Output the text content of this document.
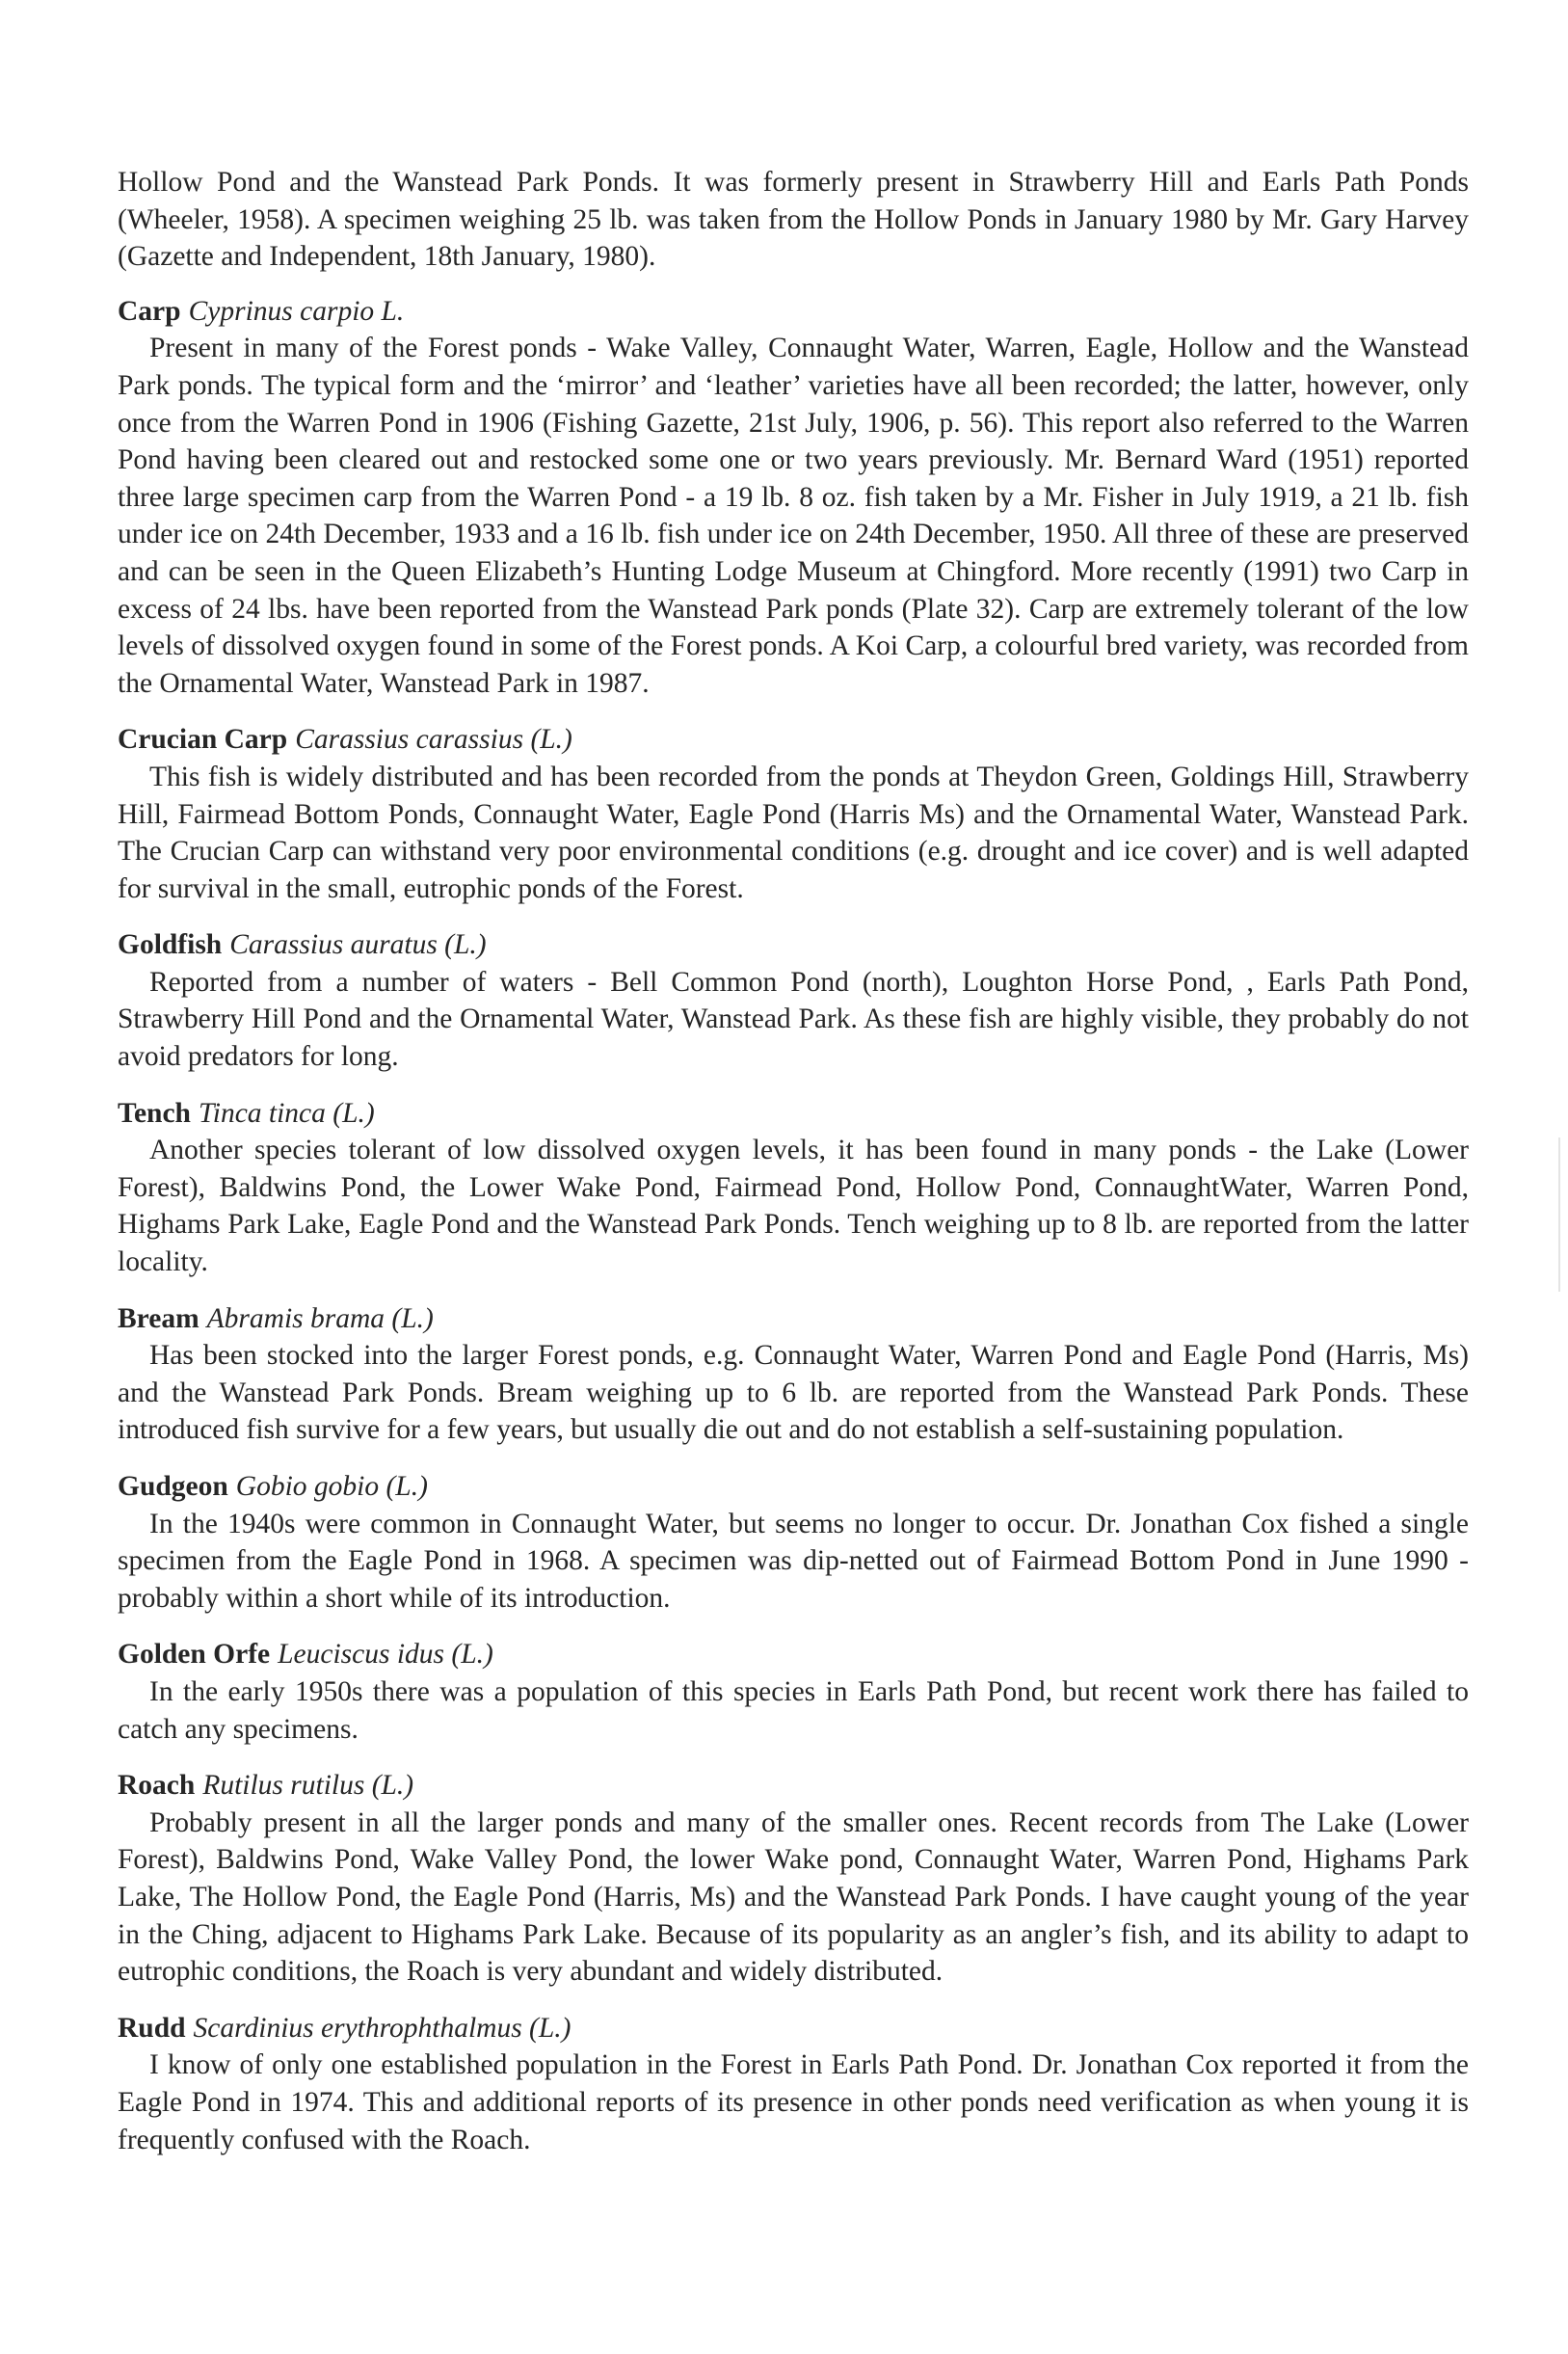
Hollow Pond and the Wanstead Park Ponds. It was formerly present in Strawberry Hill and Earls Path Ponds (Wheeler, 1958). A specimen weighing 25 lb. was taken from the Hollow Ponds in January 1980 by Mr. Gary Harvey (Gazette and Independent, 18th January, 1980).

Carp Cyprinus carpio L.

Present in many of the Forest ponds - Wake Valley, Connaught Water, Warren, Eagle, Hollow and the Wanstead Park ponds. The typical form and the ‘mirror’ and ‘leather’ varieties have all been recorded; the latter, however, only once from the Warren Pond in 1906 (Fishing Gazette, 21st July, 1906, p. 56). This report also referred to the Warren Pond having been cleared out and restocked some one or two years previously. Mr. Bernard Ward (1951) reported three large specimen carp from the Warren Pond - a 19 lb. 8 oz. fish taken by a Mr. Fisher in July 1919, a 21 lb. fish under ice on 24th December, 1933 and a 16 lb. fish under ice on 24th December, 1950. All three of these are preserved and can be seen in the Queen Elizabeth’s Hunting Lodge Museum at Chingford. More recently (1991) two Carp in excess of 24 lbs. have been reported from the Wanstead Park ponds (Plate 32). Carp are extremely tolerant of the low levels of dissolved oxygen found in some of the Forest ponds. A Koi Carp, a colourful bred variety, was recorded from the Ornamental Water, Wanstead Park in 1987.

Crucian Carp Carassius carassius (L.)

This fish is widely distributed and has been recorded from the ponds at Theydon Green, Goldings Hill, Strawberry Hill, Fairmead Bottom Ponds, Connaught Water, Eagle Pond (Harris Ms) and the Ornamental Water, Wanstead Park. The Crucian Carp can withstand very poor environmental conditions (e.g. drought and ice cover) and is well adapted for survival in the small, eutrophic ponds of the Forest.

Goldfish Carassius auratus (L.)

Reported from a number of waters - Bell Common Pond (north), Loughton Horse Pond, , Earls Path Pond, Strawberry Hill Pond and the Ornamental Water, Wanstead Park. As these fish are highly visible, they probably do not avoid predators for long.

Tench Tinca tinca (L.)

Another species tolerant of low dissolved oxygen levels, it has been found in many ponds - the Lake (Lower Forest), Baldwins Pond, the Lower Wake Pond, Fairmead Pond, Hollow Pond, ConnaughtWater, Warren Pond, Highams Park Lake, Eagle Pond and the Wanstead Park Ponds. Tench weighing up to 8 lb. are reported from the latter locality.

Bream Abramis brama (L.)

Has been stocked into the larger Forest ponds, e.g. Connaught Water, Warren Pond and Eagle Pond (Harris, Ms) and the Wanstead Park Ponds. Bream weighing up to 6 lb. are reported from the Wanstead Park Ponds. These introduced fish survive for a few years, but usually die out and do not establish a self-sustaining population.

Gudgeon Gobio gobio (L.)

In the 1940s were common in Connaught Water, but seems no longer to occur. Dr. Jonathan Cox fished a single specimen from the Eagle Pond in 1968. A specimen was dip-netted out of Fairmead Bottom Pond in June 1990 - probably within a short while of its introduction.

Golden Orfe Leuciscus idus (L.)

In the early 1950s there was a population of this species in Earls Path Pond, but recent work there has failed to catch any specimens.

Roach Rutilus rutilus (L.)

Probably present in all the larger ponds and many of the smaller ones. Recent records from The Lake (Lower Forest), Baldwins Pond, Wake Valley Pond, the lower Wake pond, Connaught Water, Warren Pond, Highams Park Lake, The Hollow Pond, the Eagle Pond (Harris, Ms) and the Wanstead Park Ponds. I have caught young of the year in the Ching, adjacent to Highams Park Lake. Because of its popularity as an angler’s fish, and its ability to adapt to eutrophic conditions, the Roach is very abundant and widely distributed.

Rudd Scardinius erythrophthalmus (L.)

I know of only one established population in the Forest in Earls Path Pond. Dr. Jonathan Cox reported it from the Eagle Pond in 1974. This and additional reports of its presence in other ponds need verification as when young it is frequently confused with the Roach.
